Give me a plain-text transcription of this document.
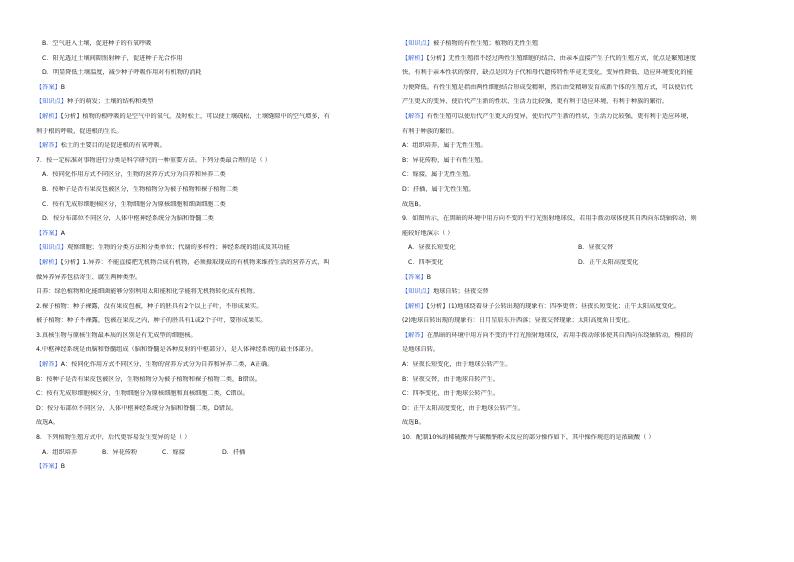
B．空气进入土壤，促进种子的有氧呼吸
C．阳光透过土壤间隙照射种子，促进种子光合作用
D．明显降低土壤温度，减少种子呼吸作用对有机物的消耗
【答案】B
【知识点】种子的萌发；土壤的结构和类型
【解析】【分析】植物的根呼吸的是空气中的氧气，及时松土，可以使土壤疏松，土壤缝隙中的空气增多，有
利于根的呼吸，促进根的生长。
【解答】松土的主要目的是促进根的有氧呼吸。
7．按一定标准对事物进行分类是科学研究的一种重要方法。下列分类最合理的是（ ）
A．按同化作用方式不同区分，生物的营养方式分为自养和异养二类
B．按种子是否有果皮包被区分，生物植物分为被子植物和裸子植物二类
C．按有无成形细胞核区分，生物细胞分为原核细胞和细菌细胞二类
D．按分布部位不同区分，人体中枢神经系统分为脑和脊髓二类
【答案】A
【知识点】观察细胞；生物的分类方法和分类单位；代谢的多样性；神经系统的组成及其功能
【解析】【分析】1.异养：不能直接把无机物合成有机物，必须摄取现成的有机物来维持生活的营养方式，叫
做异养异养包括寄生、腐生两种类型。
自养：绿色植物和化能细菌能够分别利用太阳能和化学能将无机物转化成有机物。
2.裸子植物：种子裸露，没有果皮包被，种子的胚具有2个以上子叶，不形成果实。
被子植物：种子不裸露，包被在果皮之内，种子的胚具有1或2个子叶，要形成果实。
3.真核生物与原核生物最本质的区别是有无成型的细胞核。
4.中枢神经系统是由脑和脊髓组成（脑和脊髓是各种反射的中枢部分），是人体神经系统的最主体部分。
【解答】A：按同化作用方式不同区分，生物的营养方式分为自养和异养二类，A正确。
B：按种子是否有果皮包被区分，生物植物分为被子植物和裸子植物二类，B错误。
C：按有无成形细胞核区分，生物细胞分为原核细胞和真核细胞二类，C错误。
D：按分布部位不同区分，人体中枢神经系统分为脑和脊髓二类，D错误。
故选A。
8．下列植物生殖方式中，后代更容易发生变异的是（ ）
A．组织培养	B．异花传粉	C．嫁接	D．扦插
【答案】B
【知识点】被子植物的有性生殖；植物的无性生殖
【解析】【分析】无性生殖指不经过两性生殖细胞的结合，由亲本直接产生子代的生殖方式，优点是繁殖速度
快，有利于亲本性状的保持，缺点是因为子代和母代遗传特性毕竟无变化，变异性降低，适应环境变化的能
力便降低。有性生殖是指由两性细胞结合形成受精卵，然后由受精卵发育成新个体的生殖方式，可以使后代
产生更大的变异，使后代产生新的性状，生活力比较强，更有利于适应环境，有利于种族的繁衍。
【解答】有性生殖可以使后代产生更大的变异，使后代产生新的性状，生活力比较强，更有利于适应环境，
有利于种族的繁衍。
A：组织培养，属于无性生殖。
B：异花传粉，属于有性生殖。
C：嫁接，属于无性生殖。
D：扦插，属于无性生殖。
故选B。
9．如图所示，在黑暗的环境中用方向不变的平行光照射地球仪，若用手拨动球体使其自西向东绕轴转动，则
能较好地演示（ ）
A．昼夜长短变化	B．昼夜交替
C．四季变化	D．正午太阳高度变化
【答案】B
【知识点】地球自转；昼夜交替
【解析】【分析】(1)地球绕着身子公转出现的现象有：四季更替；昼夜长短变化；正午太阳高度变化。
(2)地球自转出现的现象有：日月星辰东升西落；昼夜交替现象；太阳高度角日变化。
【解答】在黑暗的环境中用方向不变的平行光照射地球仪，若用手拨动球体使其自西向东绕轴转动，模拟的
是地球自转。
A：昼夜长短变化，由于地球公转产生。
B：昼夜交替，由于地球自转产生。
C：四季变化，由于地球公转产生。
D：正午太阳高度变化，由于地球公转产生。
故选B。
10．配制10%的稀硫酸并与碳酸钠粉末反应的部分操作如下，其中操作规范的是浓硫酸（ ）
